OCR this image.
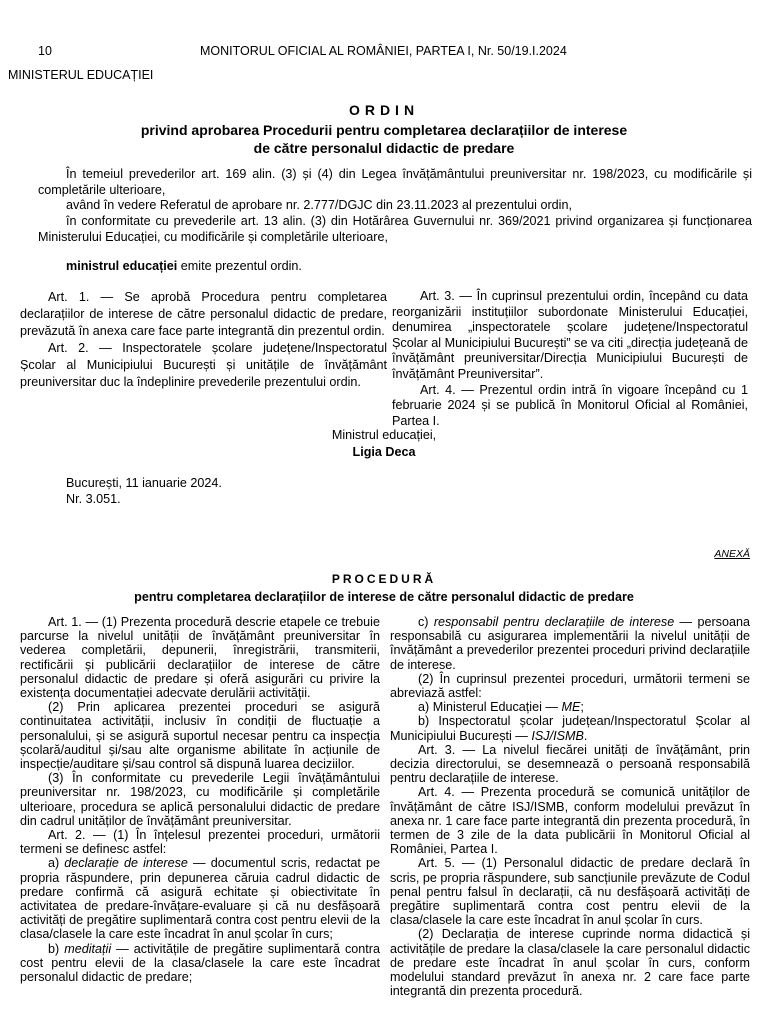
10	MONITORUL OFICIAL AL ROMÂNIEI, PARTEA I, Nr. 50/19.I.2024
MINISTERUL EDUCAȚIEI
ORDIN
privind aprobarea Procedurii pentru completarea declarațiilor de interese
de către personalul didactic de predare
În temeiul prevederilor art. 169 alin. (3) și (4) din Legea învățământului preuniversitar nr. 198/2023, cu modificările și completările ulterioare,
având în vedere Referatul de aprobare nr. 2.777/DGJC din 23.11.2023 al prezentului ordin,
în conformitate cu prevederile art. 13 alin. (3) din Hotărârea Guvernului nr. 369/2021 privind organizarea și funcționarea Ministerului Educației, cu modificările și completările ulterioare,
ministrul educației emite prezentul ordin.

Art. 1. — Se aprobă Procedura pentru completarea declarațiilor de interese de către personalul didactic de predare, prevăzută în anexa care face parte integrantă din prezentul ordin.

Art. 2. — Inspectoratele școlare județene/Inspectoratul Școlar al Municipiului București și unitățile de învățământ preuniversitar duc la îndeplinire prevederile prezentului ordin.

Art. 3. — În cuprinsul prezentului ordin, începând cu data reorganizării instituțiilor subordonate Ministerului Educației, denumirea „inspectoratele școlare județene/Inspectoratul Școlar al Municipiului București” se va citi „direcția județeană de învățământ preuniversitar/Direcția Municipiului București de învățământ Preuniversitar”.

Art. 4. — Prezentul ordin intră în vigoare începând cu 1 februarie 2024 și se publică în Monitorul Oficial al României, Partea I.

Ministrul educației,
Ligia Deca
București, 11 ianuarie 2024.
Nr. 3.051.
ANEXĂ
PROCEDURĂ
pentru completarea declarațiilor de interese de către personalul didactic de predare

Art. 1. — (1) Prezenta procedură descrie etapele ce trebuie parcurse la nivelul unității de învățământ preuniversitar în vederea completării, depunerii, înregistrării, transmiterii, rectificării și publicării declarațiilor de interese de către personalul didactic de predare și oferă asigurări cu privire la existența documentației adecvate derulării activității.

(2) Prin aplicarea prezentei proceduri se asigură continuitatea activității, inclusiv în condiții de fluctuație a personalului, și se asigură suportul necesar pentru ca inspecția școlară/auditul și/sau alte organisme abilitate în acțiunile de inspecție/auditare și/sau control să dispună luarea deciziilor.

(3) În conformitate cu prevederile Legii învățământului preuniversitar nr. 198/2023, cu modificările și completările ulterioare, procedura se aplică personalului didactic de predare din cadrul unităților de învățământ preuniversitar.

Art. 2. — (1) În înțelesul prezentei proceduri, următorii termeni se definesc astfel:

a) declarație de interese — documentul scris, redactat pe propria răspundere, prin depunerea căruia cadrul didactic de predare confirmă că asigură echitate și obiectivitate în activitatea de predare-învățare-evaluare și că nu desfășoară activități de pregătire suplimentară contra cost pentru elevii de la clasa/clasele la care este încadrat în anul școlar în curs;

b) meditații — activitățile de pregătire suplimentară contra cost pentru elevii de la clasa/clasele la care este încadrat personalul didactic de predare;

c) responsabil pentru declarațiile de interese — persoana responsabilă cu asigurarea implementării la nivelul unității de învățământ a prevederilor prezentei proceduri privind declarațiile de interese.

(2) În cuprinsul prezentei proceduri, următorii termeni se abreviază astfel:

a) Ministerul Educației — ME;

b) Inspectoratul școlar județean/Inspectoratul Școlar al Municipiului București — ISJ/ISMB.

Art. 3. — La nivelul fiecărei unități de învățământ, prin decizia directorului, se desemnează o persoană responsabilă pentru declarațiile de interese.

Art. 4. — Prezenta procedură se comunică unităților de învățământ de către ISJ/ISMB, conform modelului prevăzut în anexa nr. 1 care face parte integrantă din prezenta procedură, în termen de 3 zile de la data publicării în Monitorul Oficial al României, Partea I.

Art. 5. — (1) Personalul didactic de predare declară în scris, pe propria răspundere, sub sancțiunile prevăzute de Codul penal pentru falsul în declarații, că nu desfășoară activități de pregătire suplimentară contra cost pentru elevii de la clasa/clasele la care este încadrat în anul școlar în curs.

(2) Declarația de interese cuprinde norma didactică și activitățile de predare la clasa/clasele la care personalul didactic de predare este încadrat în anul școlar în curs, conform modelului standard prevăzut în anexa nr. 2 care face parte integrantă din prezenta procedură.
